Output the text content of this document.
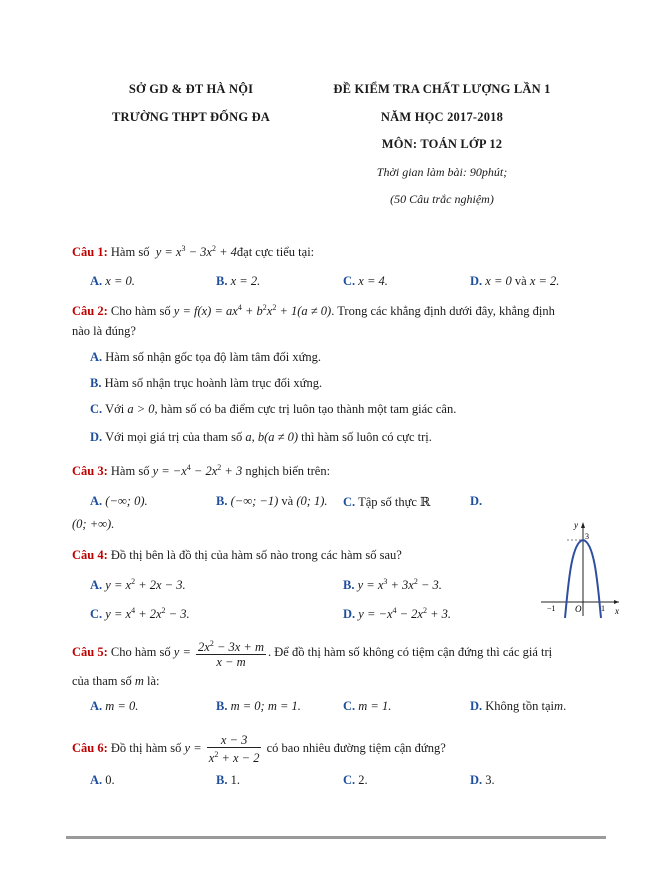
SỞ GD & ĐT HÀ NỘI
TRƯỜNG THPT ĐỐNG ĐA
ĐỀ KIỂM TRA CHẤT LƯỢNG LẦN 1
NĂM HỌC 2017-2018
MÔN: TOÁN LỚP 12
Thời gian làm bài: 90phút;
(50 Câu trắc nghiệm)
Câu 1: Hàm số  $y = x^3 - 3x^2$ + 4đạt cực tiểu tại:
A. x = 0.	B. x = 2.	C. x = 4.	D. x = 0 và x = 2.
Câu 2: Cho hàm số $y = f(x) = ax^4 + b^2x^2 + 1(a \ne 0)$. Trong các khẳng định dưới đây, khẳng định
nào là đúng?
A. Hàm số nhận gốc tọa độ làm tâm đối xứng.
B. Hàm số nhận trục hoành làm trục đối xứng.
C. Với a > 0, hàm số có ba điểm cực trị luôn tạo thành một tam giác cân.
D. Với mọi giá trị của tham số a, b(a ≠ 0) thì hàm số luôn có cực trị.
Câu 3: Hàm số $y = -x^4 - 2x^2 + 3$ nghịch biến trên:
A. (−∞; 0).	B. (−∞; −1) và (0; 1). C. Tập số thực ℝ	D.
(0; +∞).
Câu 4: Đồ thị bên là đồ thị của hàm số nào trong các hàm số sau?
A. $y = x^2 + 2x - 3$.	B. $y = x^3 + 3x^2 - 3$.
C. $y = x^4 + 2x^2 - 3$.	D. $y = -x^4 - 2x^2 + 3$.
y
x
3
O
−1	1
Câu 5: Cho hàm số $y = \frac{2x^2 - 3x + m}{x - m}$ . Để đồ thị hàm số không có tiệm cận đứng thì các giá trị
của tham số m là:
A. m = 0.	B. m = 0; m = 1.	C. m = 1.	D. Không tồn tạim.
Câu 6: Đồ thị hàm số $y = \frac{x - 3}{x^2 + x - 2}$ có bao nhiêu đường tiệm cận đứng?
A. 0.	B. 1.	C. 2.	D. 3.
